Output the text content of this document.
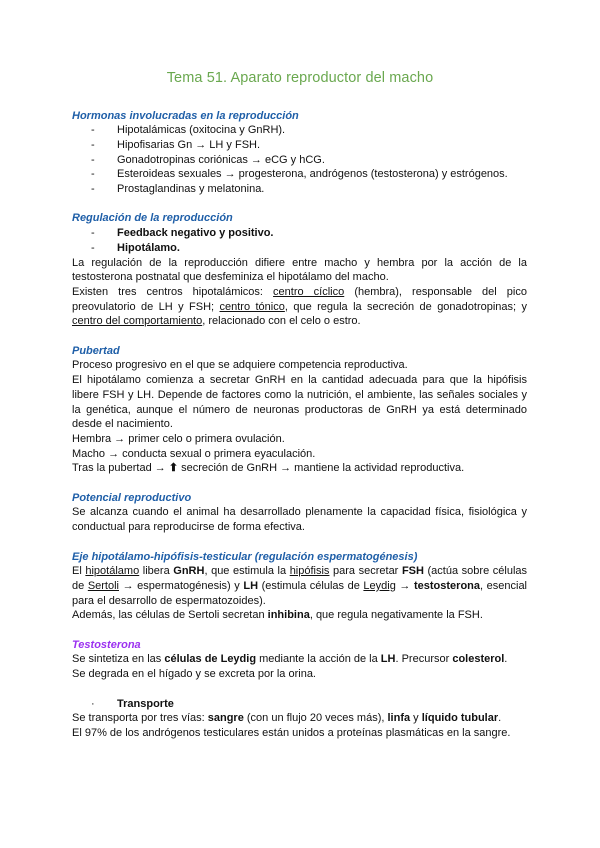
Tema 51. Aparato reproductor del macho
Hormonas involucradas en la reproducción
- Hipotalámicas (oxitocina y GnRH).
- Hipofisarias Gn → LH y FSH.
- Gonadotropinas coriónicas → eCG y hCG.
- Esteroideas sexuales → progesterona, andrógenos (testosterona) y estrógenos.
- Prostaglandinas y melatonina.
Regulación de la reproducción
- Feedback negativo y positivo.
- Hipotálamo.
La regulación de la reproducción difiere entre macho y hembra por la acción de la testosterona postnatal que desfeminiza el hipotálamo del macho.
Existen tres centros hipotalámicos: centro cíclico (hembra), responsable del pico preovulatorio de LH y FSH; centro tónico, que regula la secreción de gonadotropinas; y centro del comportamiento, relacionado con el celo o estro.
Pubertad
Proceso progresivo en el que se adquiere competencia reproductiva.
El hipotálamo comienza a secretar GnRH en la cantidad adecuada para que la hipófisis libere FSH y LH. Depende de factores como la nutrición, el ambiente, las señales sociales y la genética, aunque el número de neuronas productoras de GnRH ya está determinado desde el nacimiento.
Hembra → primer celo o primera ovulación.
Macho → conducta sexual o primera eyaculación.
Tras la pubertad → ⬆ secreción de GnRH → mantiene la actividad reproductiva.
Potencial reproductivo
Se alcanza cuando el animal ha desarrollado plenamente la capacidad física, fisiológica y conductual para reproducirse de forma efectiva.
Eje hipotálamo-hipófisis-testicular (regulación espermatogénesis)
El hipotálamo libera GnRH, que estimula la hipófisis para secretar FSH (actúa sobre células de Sertoli → espermatogénesis) y LH (estimula células de Leydig → testosterona, esencial para el desarrollo de espermatozoides).
Además, las células de Sertoli secretan inhibina, que regula negativamente la FSH.
Testosterona
Se sintetiza en las células de Leydig mediante la acción de la LH. Precursor colesterol.
Se degrada en el hígado y se excreta por la orina.
· Transporte
Se transporta por tres vías: sangre (con un flujo 20 veces más), linfa y líquido tubular.
El 97% de los andrógenos testiculares están unidos a proteínas plasmáticas en la sangre.
